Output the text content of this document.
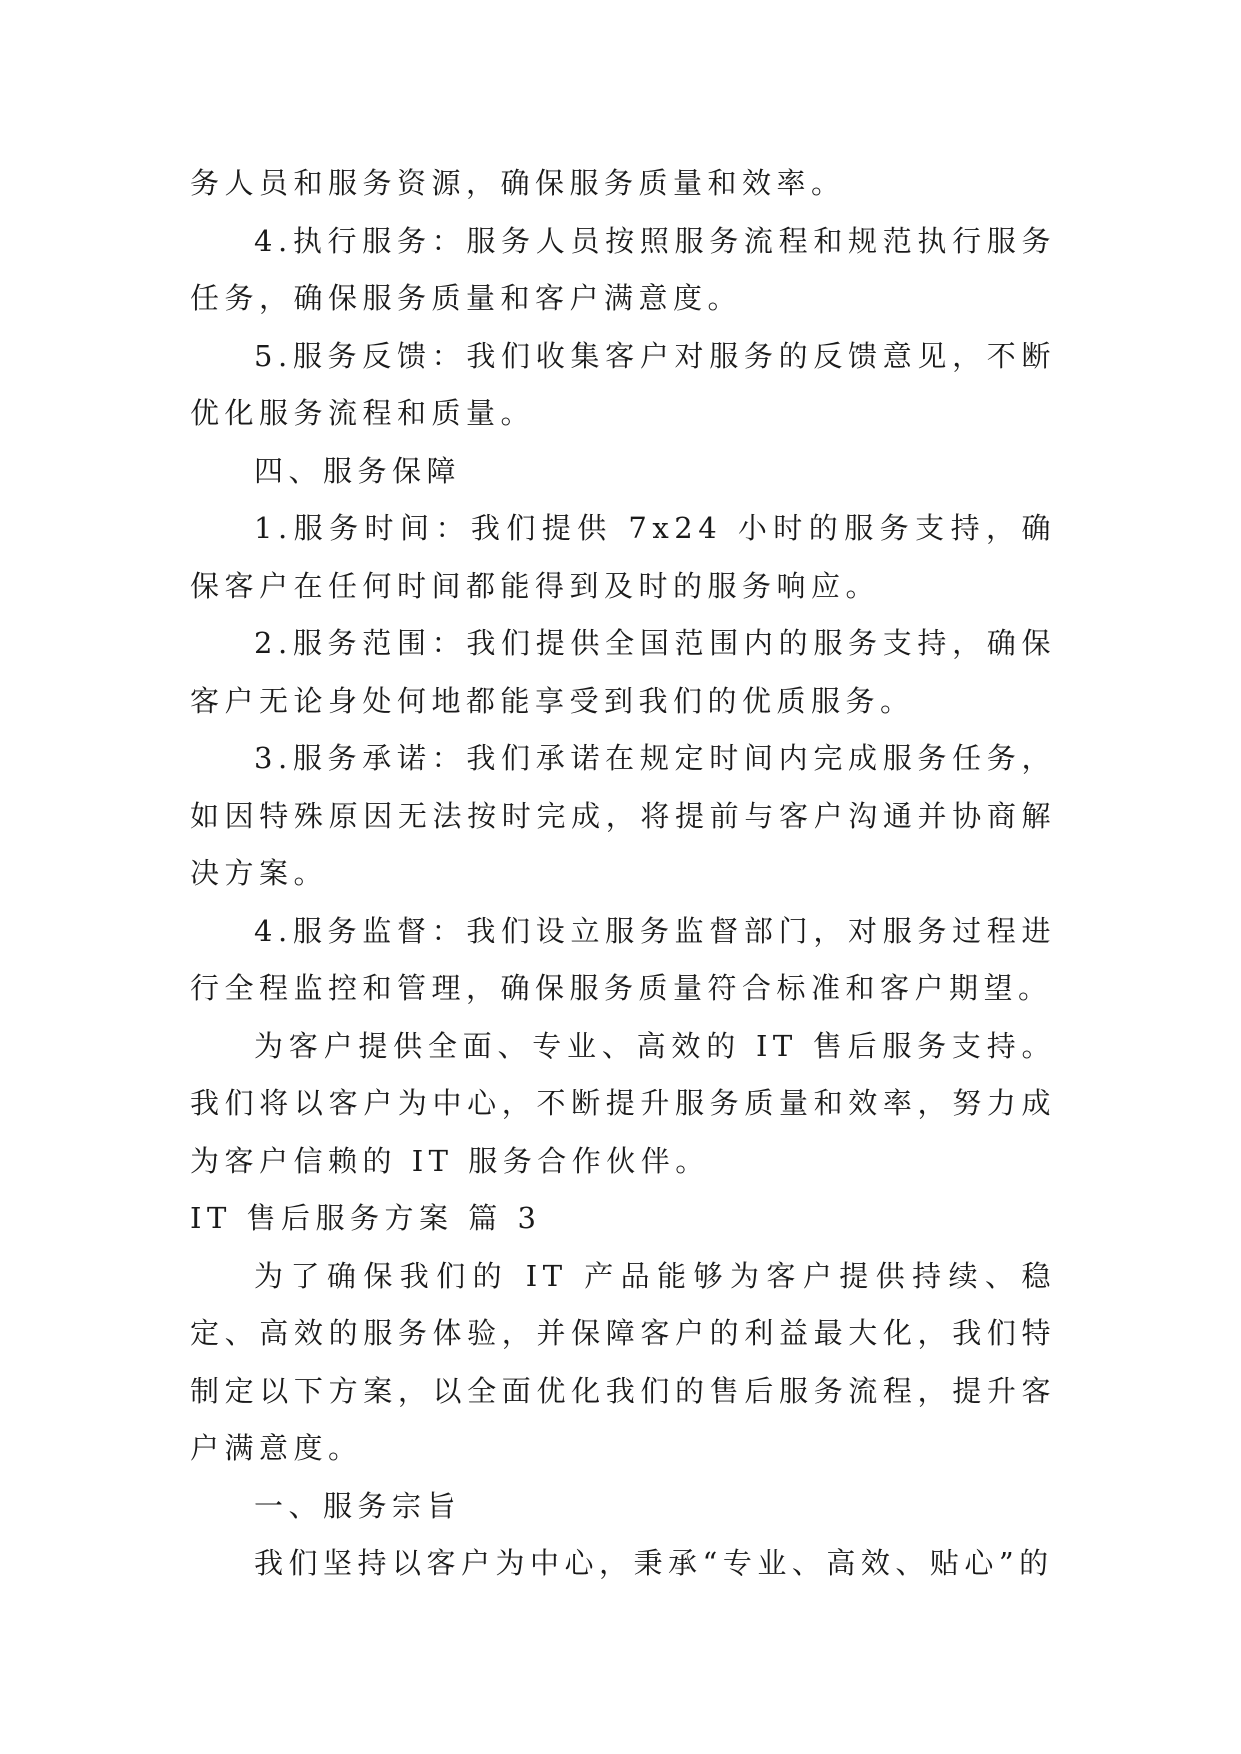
务人员和服务资源，确保服务质量和效率。

4.执行服务：服务人员按照服务流程和规范执行服务任务，确保服务质量和客户满意度。

5.服务反馈：我们收集客户对服务的反馈意见，不断优化服务流程和质量。

四、服务保障

1.服务时间：我们提供 7x24 小时的服务支持，确保客户在任何时间都能得到及时的服务响应。

2.服务范围：我们提供全国范围内的服务支持，确保客户无论身处何地都能享受到我们的优质服务。

3.服务承诺：我们承诺在规定时间内完成服务任务，如因特殊原因无法按时完成，将提前与客户沟通并协商解决方案。

4.服务监督：我们设立服务监督部门，对服务过程进行全程监控和管理，确保服务质量符合标准和客户期望。

为客户提供全面、专业、高效的 IT 售后服务支持。我们将以客户为中心，不断提升服务质量和效率，努力成为客户信赖的 IT 服务合作伙伴。

IT 售后服务方案 篇 3

为了确保我们的 IT 产品能够为客户提供持续、稳定、高效的服务体验，并保障客户的利益最大化，我们特制定以下方案，以全面优化我们的售后服务流程，提升客户满意度。

一、服务宗旨

我们坚持以客户为中心，秉承“专业、高效、贴心”的
